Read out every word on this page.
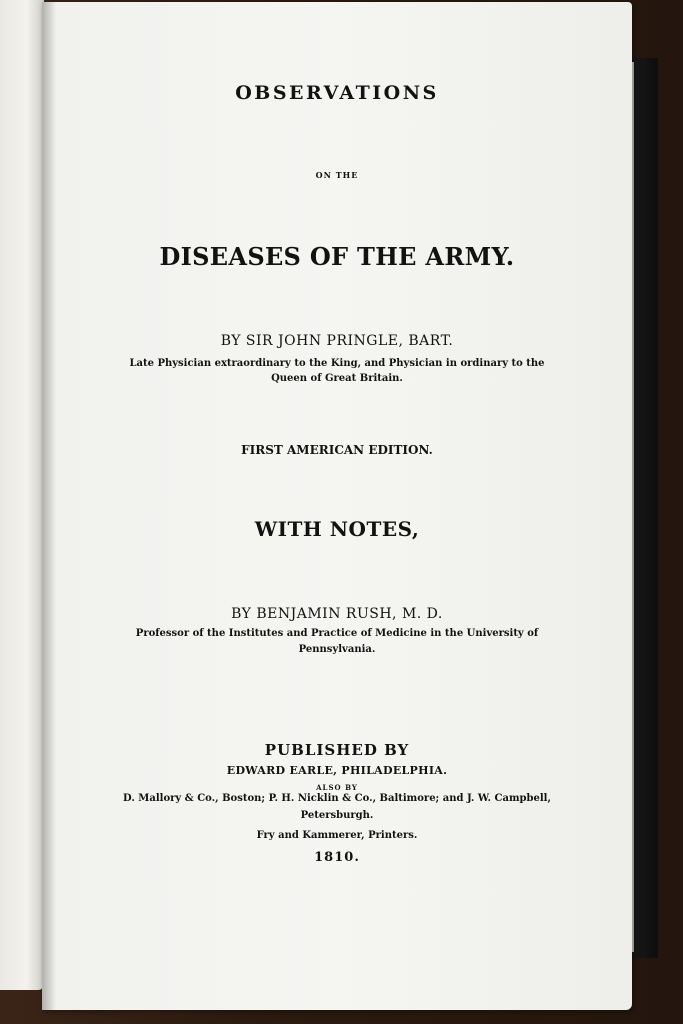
OBSERVATIONS

ON THE

DISEASES OF THE ARMY.

BY SIR JOHN PRINGLE, BART.

Late Physician extraordinary to the King, and Physician in ordinary to the

Queen of Great Britain.

FIRST AMERICAN EDITION.

WITH NOTES,

BY BENJAMIN RUSH, M. D.

Professor of the Institutes and Practice of Medicine in the University of

Pennsylvania.

PUBLISHED BY

EDWARD EARLE, PHILADELPHIA.

ALSO BY

D. Mallory & Co., Boston; P. H. Nicklin & Co., Baltimore; and J. W. Campbell,

Petersburgh.

Fry and Kammerer, Printers.

1810.
